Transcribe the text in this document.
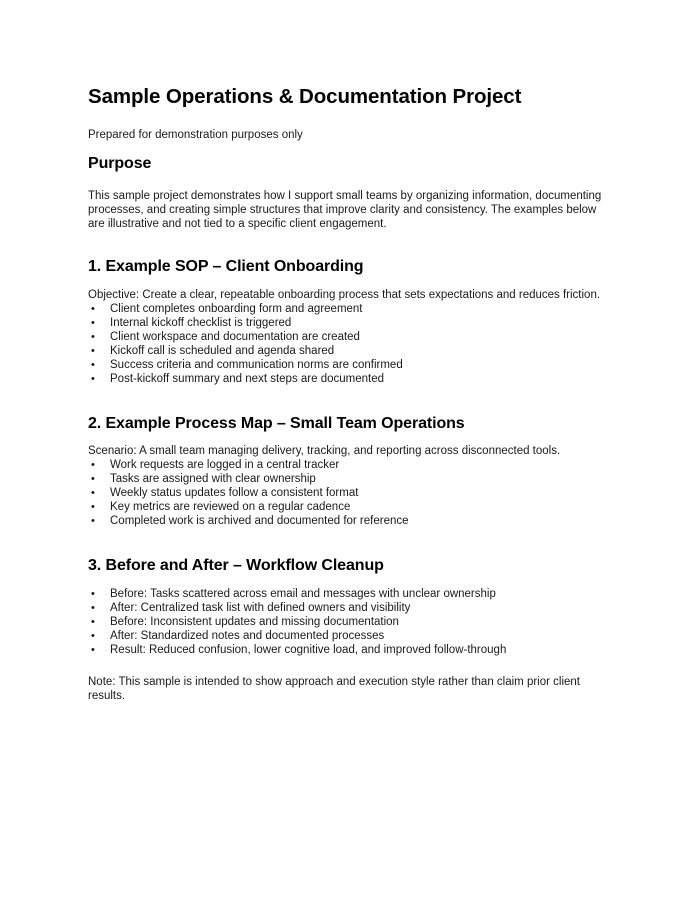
Sample Operations & Documentation Project
Prepared for demonstration purposes only
Purpose
This sample project demonstrates how I support small teams by organizing information, documenting processes, and creating simple structures that improve clarity and consistency. The examples below are illustrative and not tied to a specific client engagement.
1. Example SOP – Client Onboarding

Objective: Create a clear, repeatable onboarding process that sets expectations and reduces friction.

• Client completes onboarding form and agreement
• Internal kickoff checklist is triggered
• Client workspace and documentation are created
• Kickoff call is scheduled and agenda shared
• Success criteria and communication norms are confirmed
• Post-kickoff summary and next steps are documented
2. Example Process Map – Small Team Operations

Scenario: A small team managing delivery, tracking, and reporting across disconnected tools.

• Work requests are logged in a central tracker
• Tasks are assigned with clear ownership
• Weekly status updates follow a consistent format
• Key metrics are reviewed on a regular cadence
• Completed work is archived and documented for reference
3. Before and After – Workflow Cleanup
• Before: Tasks scattered across email and messages with unclear ownership
• After: Centralized task list with defined owners and visibility
• Before: Inconsistent updates and missing documentation
• After: Standardized notes and documented processes
• Result: Reduced confusion, lower cognitive load, and improved follow-through
Note: This sample is intended to show approach and execution style rather than claim prior client results.
